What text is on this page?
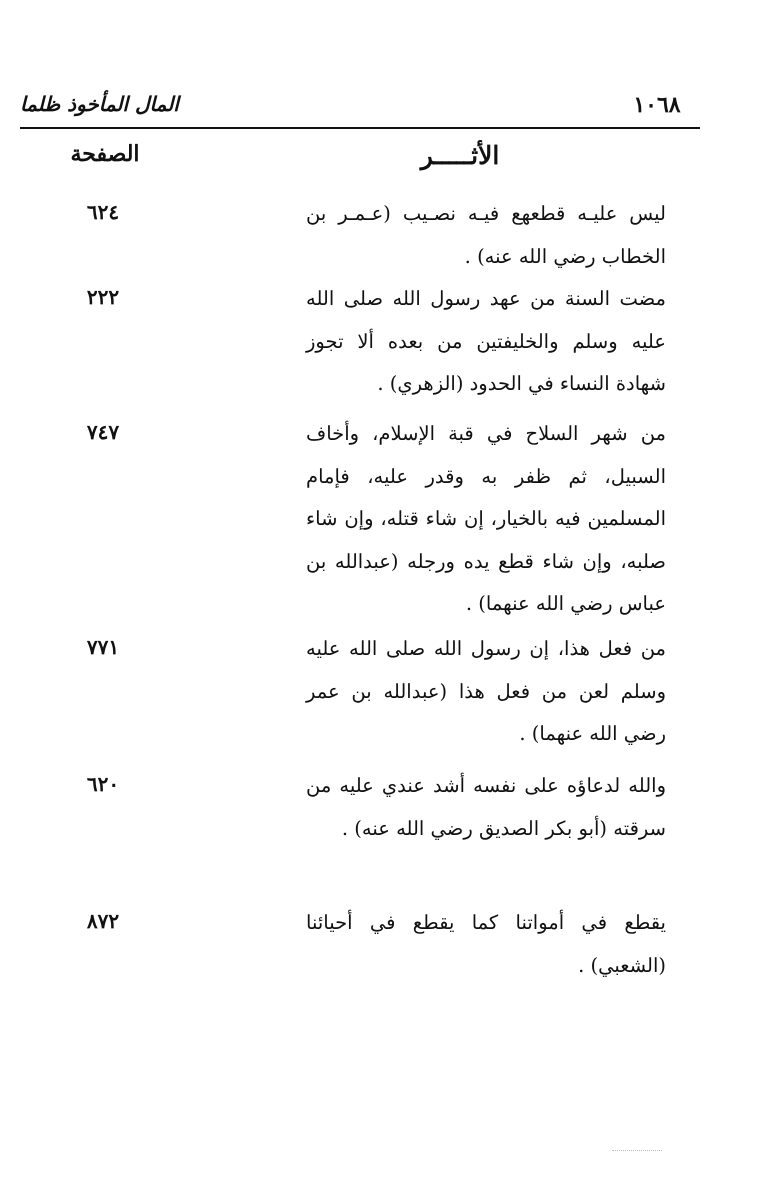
١٠٦٨
المال المأخوذ ظلما
الأثـــــر
الصفحة
ليس عليـه قطعهع فيـه نصـيب (عـمـر بن الخطاب رضي الله عنه) .
٦٢٤
مضت السنة من عهد رسول الله صلى الله عليه وسلم والخليفتين من بعده ألا تجوز شهادة النساء في الحدود (الزهري) .
٢٢٢
من شهر السلاح في قبة الإسلام، وأخاف السبيل، ثم ظفر به وقدر عليه، فإمام المسلمين فيه بالخيار، إن شاء قتله، وإن شاء صلبه، وإن شاء قطع يده ورجله (عبدالله بن عباس رضي الله عنهما) .
٧٤٧
من فعل هذا، إن رسول الله صلى الله عليه وسلم لعن من فعل هذا (عبدالله بن عمر رضي الله عنهما) .
٧٧١
والله لدعاؤه على نفسه أشد عندي عليه من سرقته (أبو بكر الصديق رضي الله عنه) .
٦٢٠
يقطع في أمواتنا كما يقطع في أحيائنا (الشعبي) .
٨٧٢
